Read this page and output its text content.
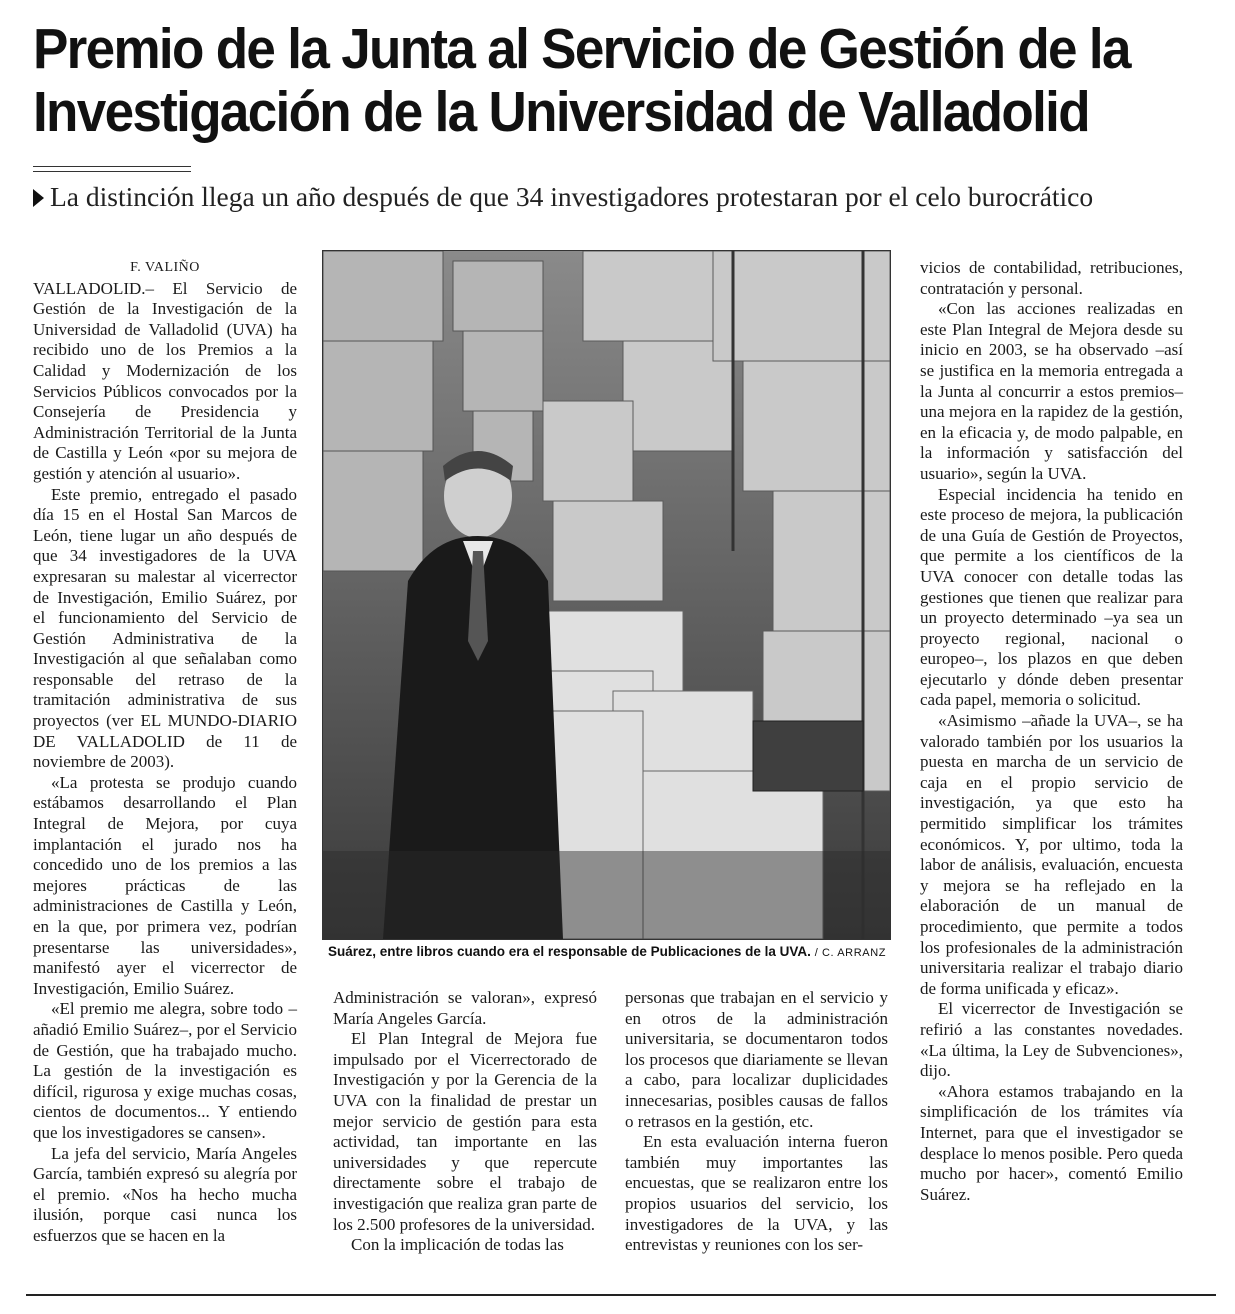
Premio de la Junta al Servicio de Gestión de la
Investigación de la Universidad de Valladolid
La distinción llega un año después de que 34 investigadores protestaran por el celo burocrático
F. VALIÑO

VALLADOLID.– El Servicio de Gestión de la Investigación de la Universidad de Valladolid (UVA) ha recibido uno de los Premios a la Calidad y Modernización de los Servicios Públicos convocados por la Consejería de Presidencia y Administración Territorial de la Junta de Castilla y León «por su mejora de gestión y atención al usuario».

Este premio, entregado el pasado día 15 en el Hostal San Marcos de León, tiene lugar un año después de que 34 investigadores de la UVA expresaran su malestar al vicerrector de Investigación, Emilio Suárez, por el funcionamiento del Servicio de Gestión Administrativa de la Investigación al que señalaban como responsable del retraso de la tramitación administrativa de sus proyectos (ver EL MUNDO-DIARIO DE VALLADOLID de 11 de noviembre de 2003).

«La protesta se produjo cuando estábamos desarrollando el Plan Integral de Mejora, por cuya implantación el jurado nos ha concedido uno de los premios a las mejores prácticas de las administraciones de Castilla y León, en la que, por primera vez, podrían presentarse las universidades», manifestó ayer el vicerrector de Investigación, Emilio Suárez.

«El premio me alegra, sobre todo –añadió Emilio Suárez–, por el Servicio de Gestión, que ha trabajado mucho. La gestión de la investigación es difícil, rigurosa y exige muchas cosas, cientos de documentos... Y entiendo que los investigadores se cansen».

La jefa del servicio, María Angeles García, también expresó su alegría por el premio. «Nos ha hecho mucha ilusión, porque casi nunca los esfuerzos que se hacen en la

Suárez, entre libros cuando era el responsable de Publicaciones de la UVA. / C. ARRANZ

Administración se valoran», expresó María Angeles García.

El Plan Integral de Mejora fue impulsado por el Vicerrectorado de Investigación y por la Gerencia de la UVA con la finalidad de prestar un mejor servicio de gestión para esta actividad, tan importante en las universidades y que repercute directamente sobre el trabajo de investigación que realiza gran parte de los 2.500 profesores de la universidad.

Con la implicación de todas las

personas que trabajan en el servicio y en otros de la administración universitaria, se documentaron todos los procesos que diariamente se llevan a cabo, para localizar duplicidades innecesarias, posibles causas de fallos o retrasos en la gestión, etc.

En esta evaluación interna fueron también muy importantes las encuestas, que se realizaron entre los propios usuarios del servicio, los investigadores de la UVA, y las entrevistas y reuniones con los ser-

vicios de contabilidad, retribuciones, contratación y personal.

«Con las acciones realizadas en este Plan Integral de Mejora desde su inicio en 2003, se ha observado –así se justifica en la memoria entregada a la Junta al concurrir a estos premios– una mejora en la rapidez de la gestión, en la eficacia y, de modo palpable, en la información y satisfacción del usuario», según la UVA.

Especial incidencia ha tenido en este proceso de mejora, la publicación de una Guía de Gestión de Proyectos, que permite a los científicos de la UVA conocer con detalle todas las gestiones que tienen que realizar para un proyecto determinado –ya sea un proyecto regional, nacional o europeo–, los plazos en que deben ejecutarlo y dónde deben presentar cada papel, memoria o solicitud.

«Asimismo –añade la UVA–, se ha valorado también por los usuarios la puesta en marcha de un servicio de caja en el propio servicio de investigación, ya que esto ha permitido simplificar los trámites económicos. Y, por ultimo, toda la labor de análisis, evaluación, encuesta y mejora se ha reflejado en la elaboración de un manual de procedimiento, que permite a todos los profesionales de la administración universitaria realizar el trabajo diario de forma unificada y eficaz».

El vicerrector de Investigación se refirió a las constantes novedades. «La última, la Ley de Subvenciones», dijo.

«Ahora estamos trabajando en la simplificación de los trámites vía Internet, para que el investigador se desplace lo menos posible. Pero queda mucho por hacer», comentó Emilio Suárez.
